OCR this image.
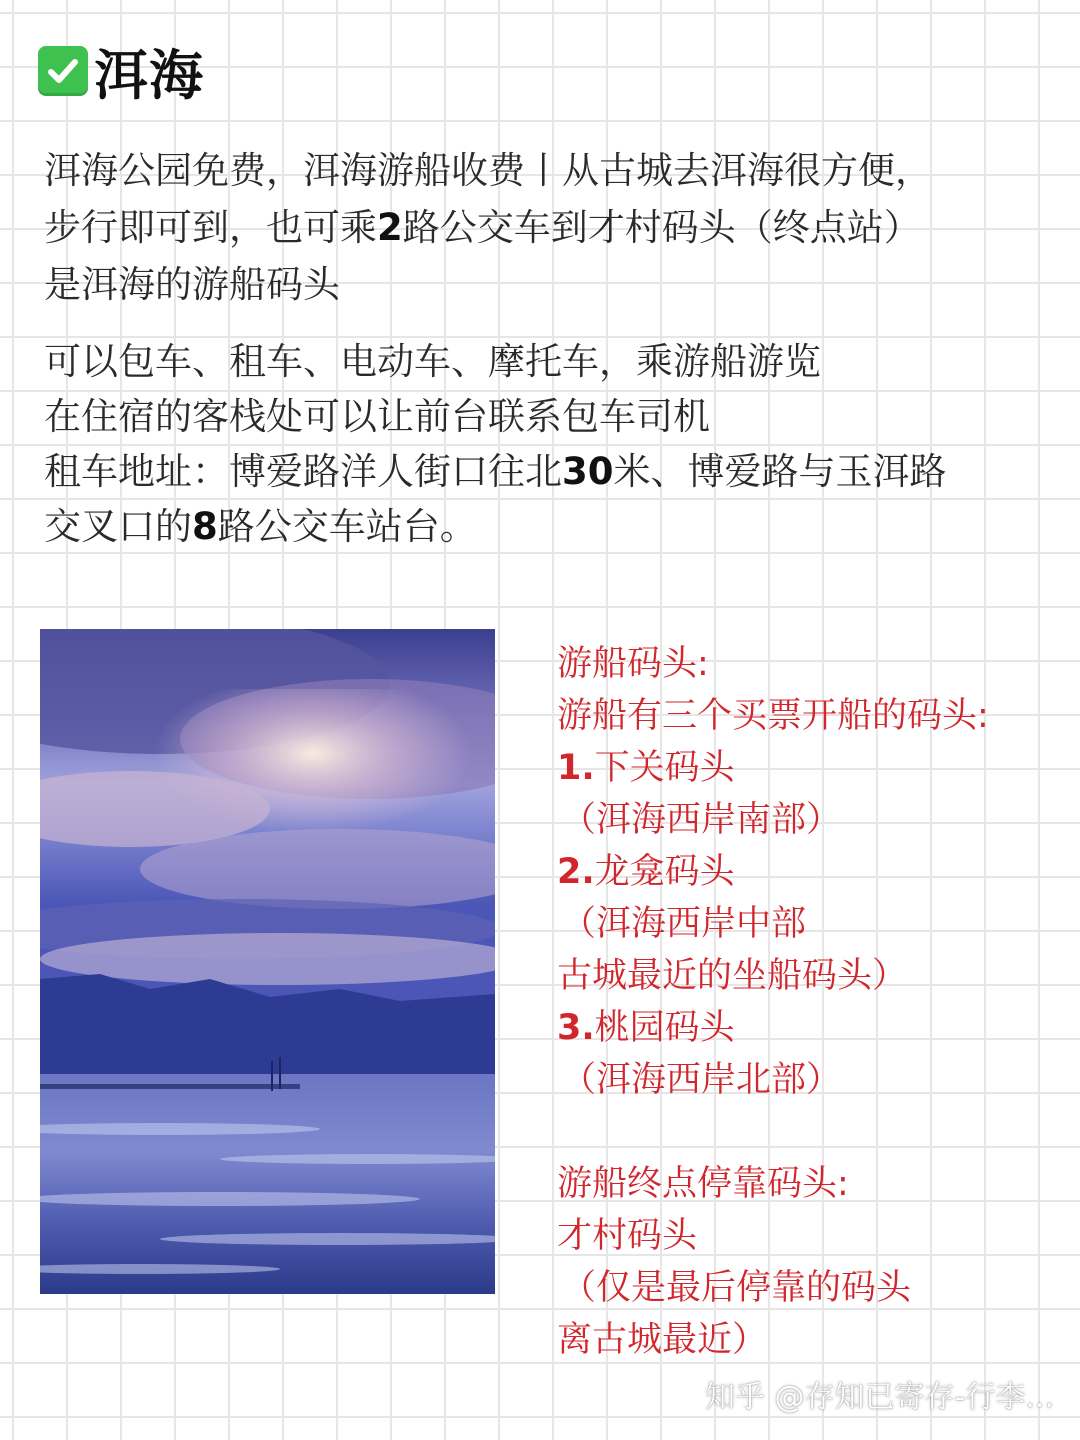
洱海

洱海公园免费，洱海游船收费丨从古城去洱海很方便，

步行即可到，也可乘2路公交车到才村码头（终点站）

是洱海的游船码头

可以包车、租车、电动车、摩托车，乘游船游览

在住宿的客栈处可以让前台联系包车司机

租车地址：博爱路洋人街口往北30米、博爱路与玉洱路

交叉口的8路公交车站台。

游船码头:

游船有三个买票开船的码头:

1.下关码头

（洱海西岸南部）

2.龙龛码头

（洱海西岸中部

古城最近的坐船码头）

3.桃园码头

（洱海西岸北部）

游船终点停靠码头:

才村码头

（仅是最后停靠的码头

离古城最近）

知乎 @存知已寄存-行李...
